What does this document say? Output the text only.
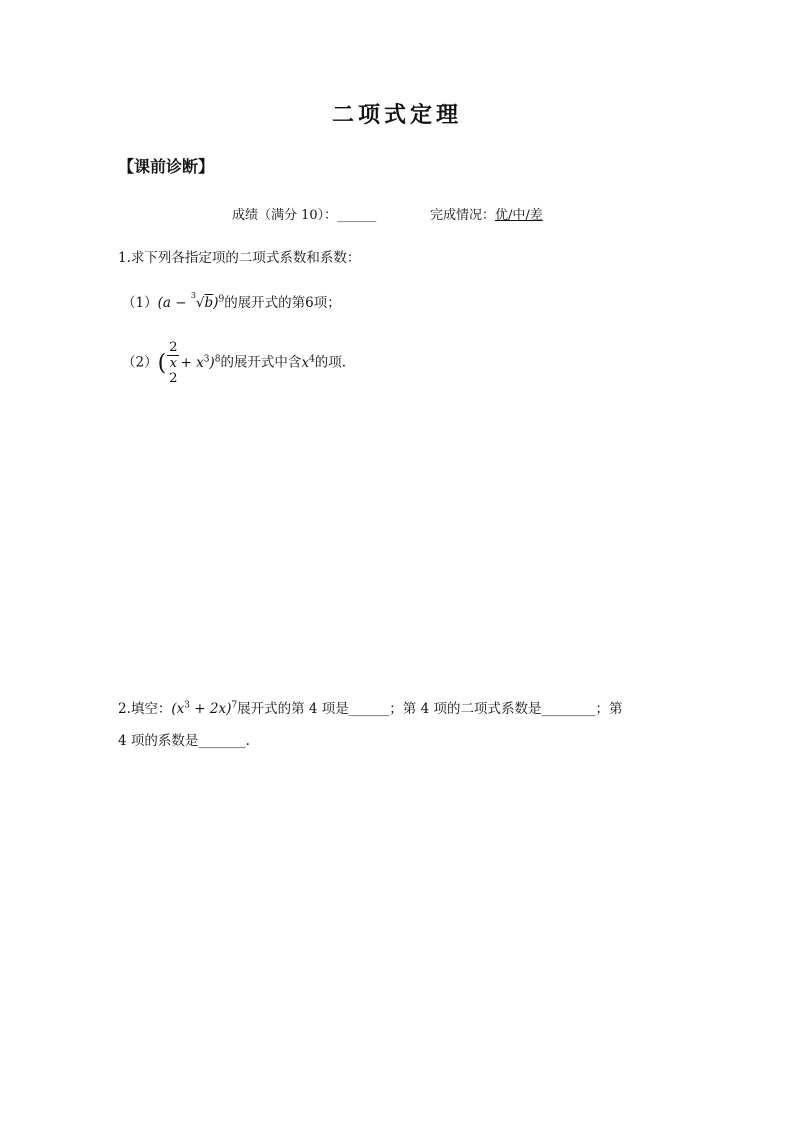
二项式定理
【课前诊断】
成绩（满分 10）：______	完成情况：优/中/差
1.求下列各指定项的二项式系数和系数：
$(1)(a - ^3√b)^9$的展开式的第6项；
（2）( 2
x
$2 + x^3)^8$的展开式中含$x^4$的项.
2.填空：$(x^3 + 2x)^7$展开式的第 4 项是______；第 4 项的二项式系数是________；第
4 项的系数是_______.
